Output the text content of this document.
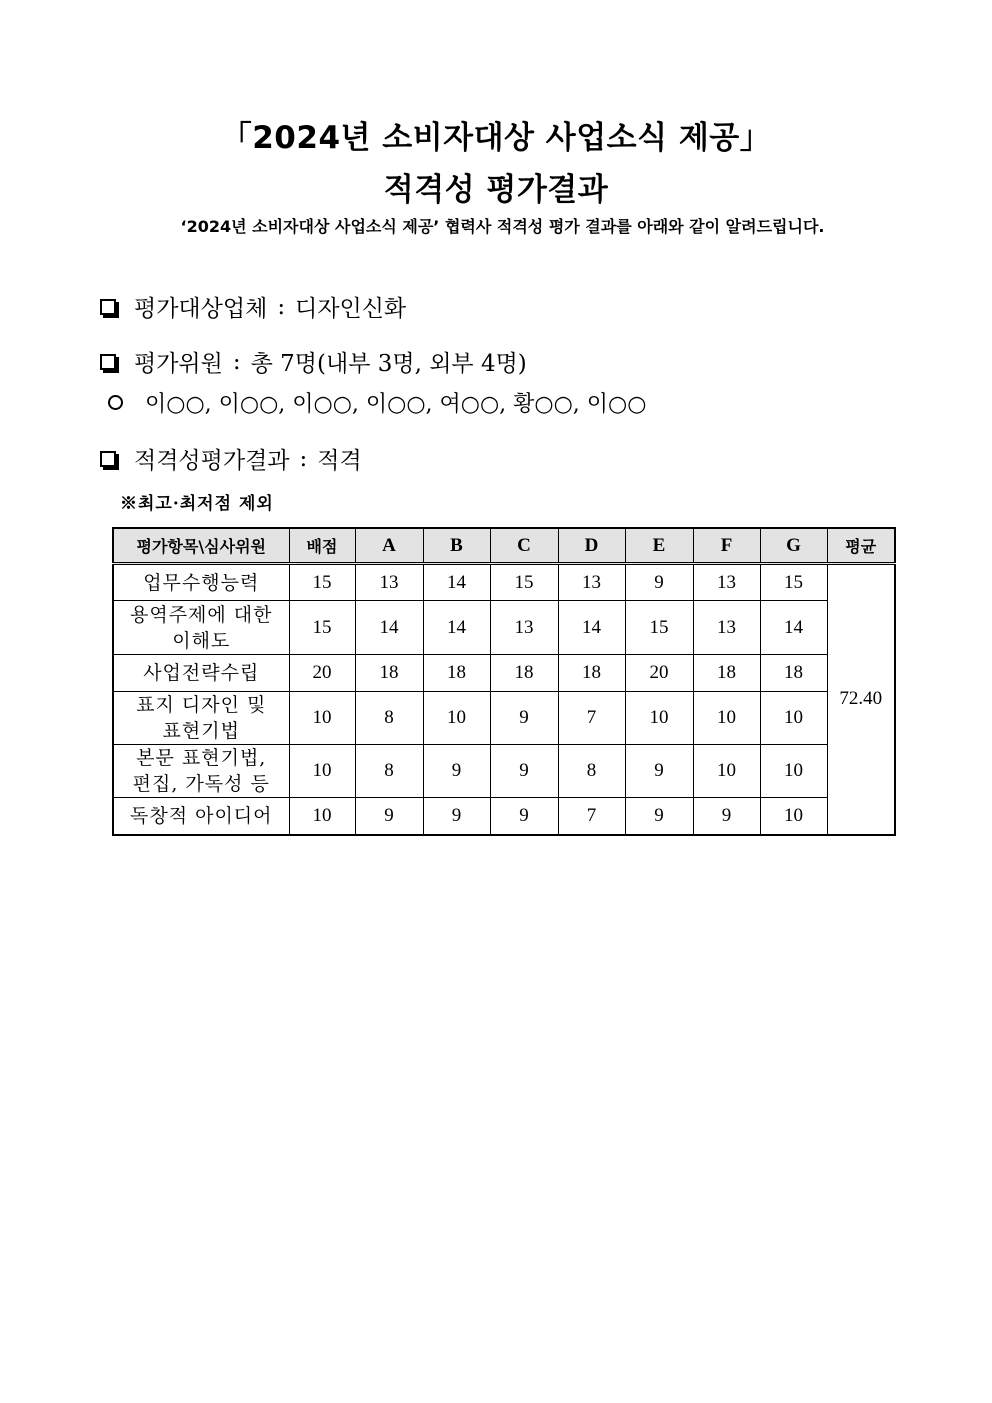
「2024년 소비자대상 사업소식 제공」
적격성 평가결과
‘2024년 소비자대상 사업소식 제공’ 협력사 적격성 평가 결과를 아래와 같이 알려드립니다.
평가대상업체 : 디자인신화
평가위원 : 총 7명(내부 3명, 외부 4명)
이○○, 이○○, 이○○, 이○○, 여○○, 황○○, 이○○
적격성평가결과 : 적격
※최고·최저점 제외
평가항목\심사위원	배점	A	B	C	D	E	F	G	평균

업무수행능력	15	13	14	15	13	9	13	15	72.40

용역주제에 대한
이해도	15	14	14	13	14	15	13	14	

사업전략수립	20	18	18	18	18	20	18	18	

표지 디자인 및
표현기법	10	8	10	9	7	10	10	10	

본문 표현기법,
편집, 가독성 등	10	8	9	9	8	9	10	10	

독창적 아이디어	10	9	9	9	7	9	9	10	
